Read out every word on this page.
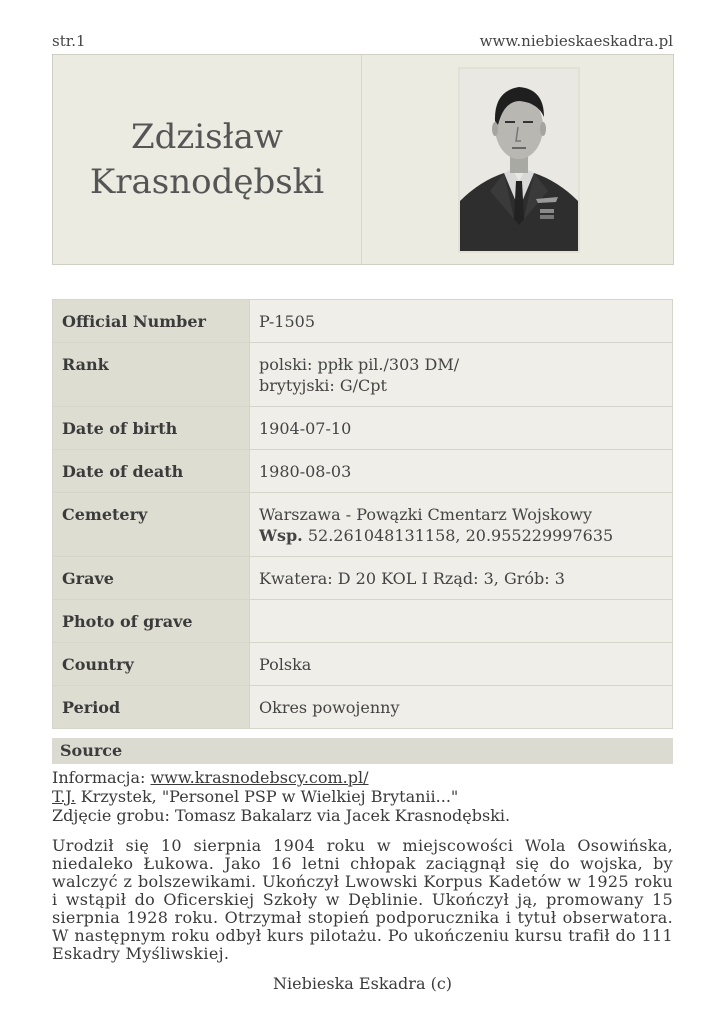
str.1	www.niebieskaeskadra.pl
Zdzisław
Krasnodębski
Official Number	P-1505
Rank	polski: ppłk pil./303 DM/
brytyjski: G/Cpt
Date of birth	1904-07-10
Date of death	1980-08-03
Cemetery	Warszawa - Powązki Cmentarz Wojskowy
Wsp. 52.261048131158, 20.955229997635
Grave	Kwatera: D 20 KOL I Rząd: 3, Grób: 3
Photo of grave	
Country	Polska
Period	Okres powojenny
Source
Informacja: www.krasnodebscy.com.pl/
T.J. Krzystek, "Personel PSP w Wielkiej Brytanii..."
Zdjęcie grobu: Tomasz Bakalarz via Jacek Krasnodębski.
Urodził się 10 sierpnia 1904 roku w miejscowości Wola Osowińska, niedaleko Łukowa. Jako 16 letni chłopak zaciągnął się do wojska, by walczyć z bolszewikami. Ukończył Lwowski Korpus Kadetów w 1925 roku i wstąpił do Oficerskiej Szkoły w Dęblinie. Ukończył ją, promowany 15 sierpnia 1928 roku. Otrzymał stopień podporucznika i tytuł obserwatora. W następnym roku odbył kurs pilotażu. Po ukończeniu kursu trafił do 111 Eskadry Myśliwskiej.
Niebieska Eskadra (c)
